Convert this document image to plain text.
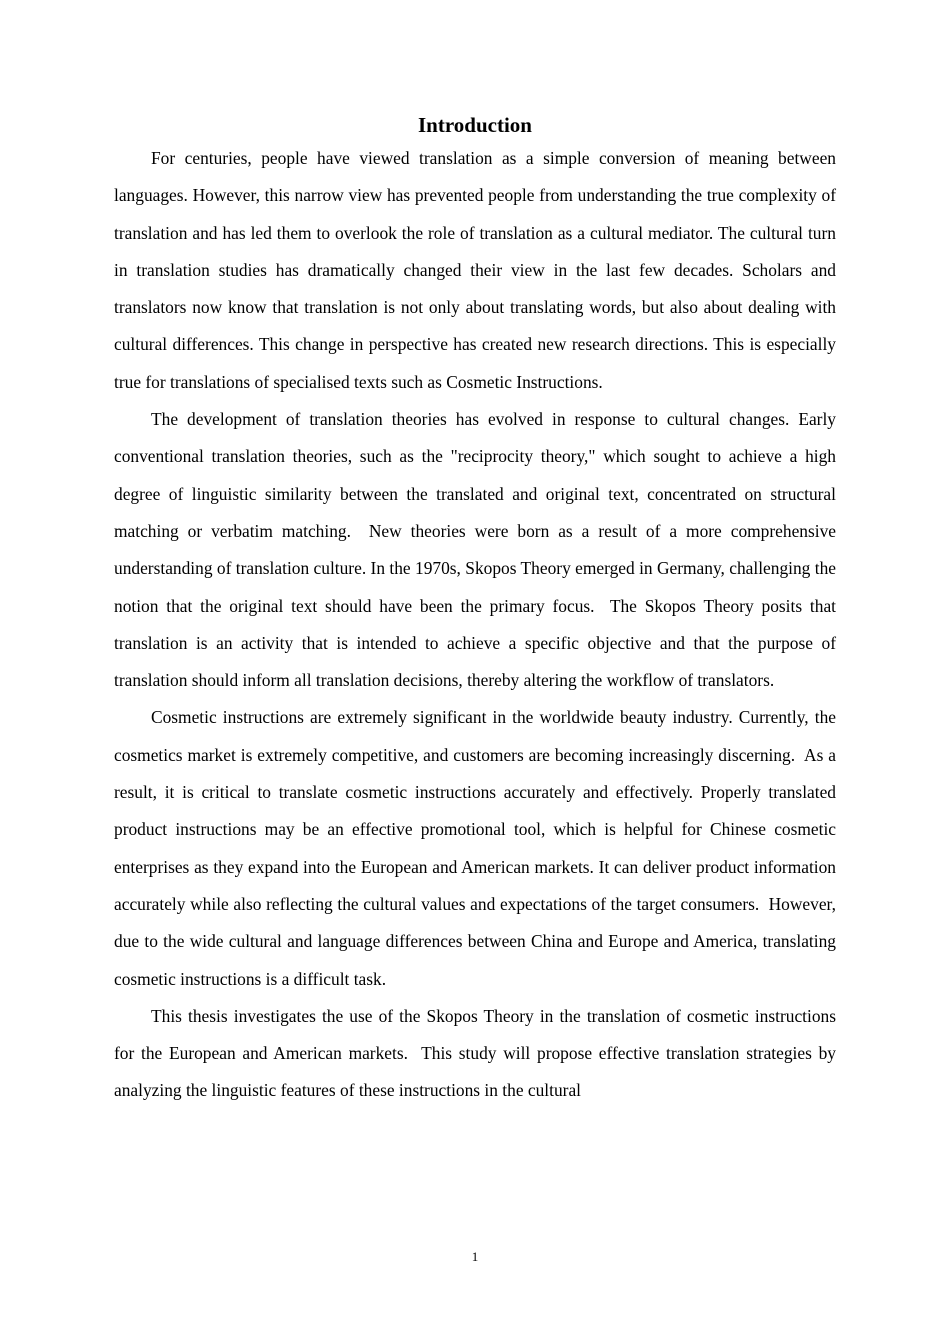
Introduction

For centuries, people have viewed translation as a simple conversion of meaning between languages. However, this narrow view has prevented people from understanding the true complexity of translation and has led them to overlook the role of translation as a cultural mediator. The cultural turn in translation studies has dramatically changed their view in the last few decades. Scholars and translators now know that translation is not only about translating words, but also about dealing with cultural differences. This change in perspective has created new research directions. This is especially true for translations of specialised texts such as Cosmetic Instructions.

The development of translation theories has evolved in response to cultural changes. Early conventional translation theories, such as the "reciprocity theory," which sought to achieve a high degree of linguistic similarity between the translated and original text, concentrated on structural matching or verbatim matching.  New theories were born as a result of a more comprehensive understanding of translation culture. In the 1970s, Skopos Theory emerged in Germany, challenging the notion that the original text should have been the primary focus.  The Skopos Theory posits that translation is an activity that is intended to achieve a specific objective and that the purpose of translation should inform all translation decisions, thereby altering the workflow of translators.

Cosmetic instructions are extremely significant in the worldwide beauty industry. Currently, the cosmetics market is extremely competitive, and customers are becoming increasingly discerning.  As a result, it is critical to translate cosmetic instructions accurately and effectively. Properly translated product instructions may be an effective promotional tool, which is helpful for Chinese cosmetic enterprises as they expand into the European and American markets. It can deliver product information accurately while also reflecting the cultural values and expectations of the target consumers.  However, due to the wide cultural and language differences between China and Europe and America, translating cosmetic instructions is a difficult task.

This thesis investigates the use of the Skopos Theory in the translation of cosmetic instructions for the European and American markets.  This study will propose effective translation strategies by analyzing the linguistic features of these instructions in the cultural

1
